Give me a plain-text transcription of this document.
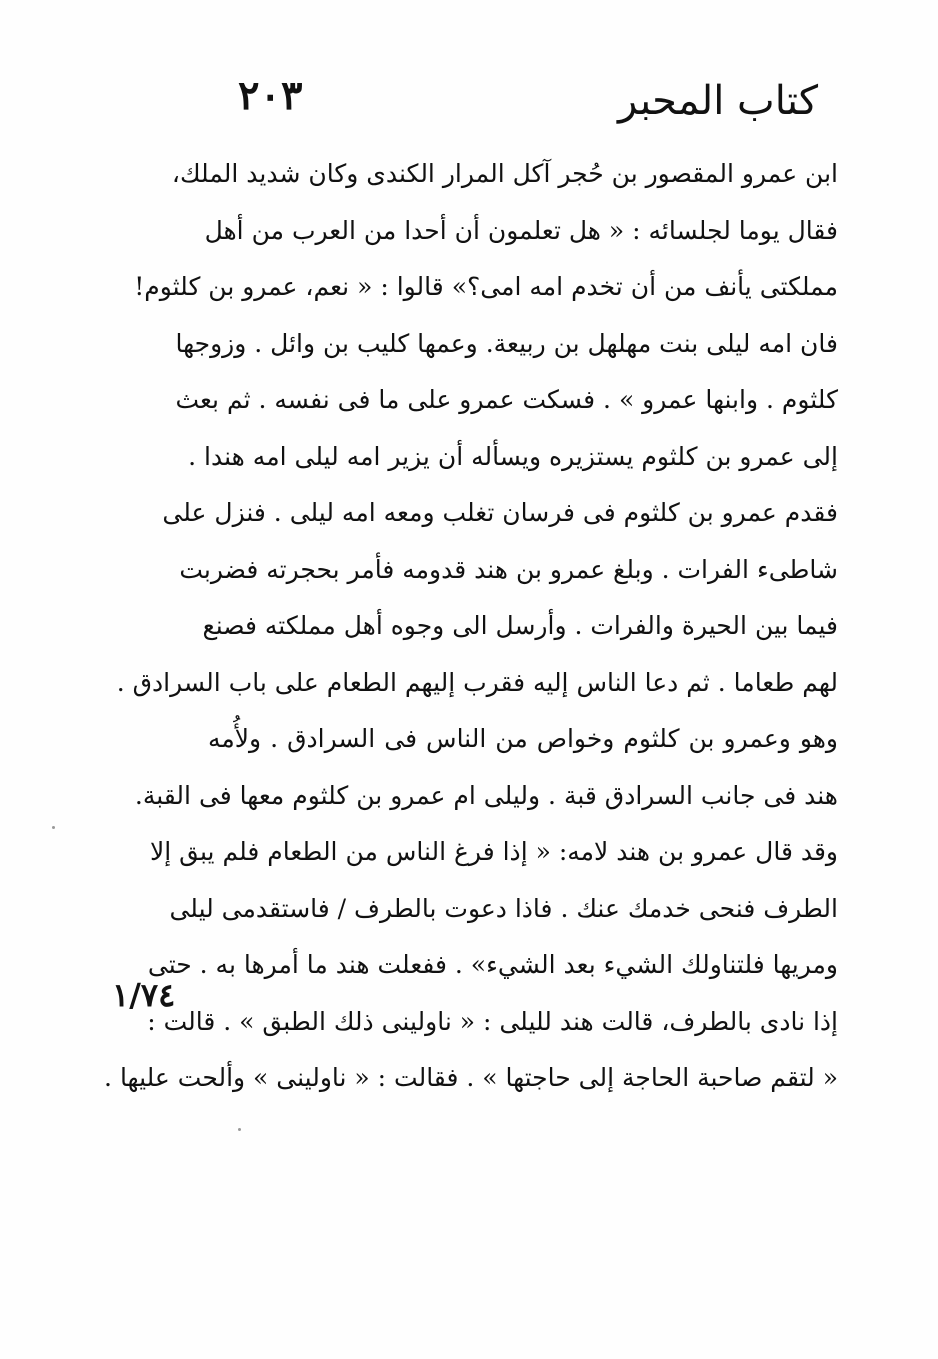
٢٠٣	كتاب المحبر
ابن عمرو المقصور بن حُجر آكل المرار الكندى وكان شديد الملك،
فقال يوما لجلسائه : « هل تعلمون أن أحدا من العرب من أهل
مملكتى يأنف من أن تخدم امه امى؟» قالوا : « نعم، عمرو بن كلثوم!
فان امه ليلى بنت مهلهل بن ربيعة. وعمها كليب بن وائل . وزوجها
كلثوم . وابنها عمرو » . فسكت عمرو على ما فى نفسه . ثم بعث
إلى عمرو بن كلثوم يستزيره ويسأله أن يزير امه ليلى امه هندا .
فقدم عمرو بن كلثوم فى فرسان تغلب ومعه امه ليلى . فنزل على
شاطىء الفرات . وبلغ عمرو بن هند قدومه فأمر بحجرته فضربت
فيما بين الحيرة والفرات . وأرسل الى وجوه أهل مملكته فصنع
لهم طعاما . ثم دعا الناس إليه فقرب إليهم الطعام على باب السرادق .
وهو وعمرو بن كلثوم وخواص من الناس فى السرادق . ولأُمه
هند فى جانب السرادق قبة . وليلى ام عمرو بن كلثوم معها فى القبة.
وقد قال عمرو بن هند لامه: « إذا فرغ الناس من الطعام فلم يبق إلا
الطرف فنحى خدمك عنك . فاذا دعوت بالطرف / فاستقدمى ليلى
ومريها فلتناولك الشيء بعد الشيء» . ففعلت هند ما أمرها به . حتى
إذا نادى بالطرف، قالت هند لليلى : « ناولينى ذلك الطبق » . قالت :
« لتقم صاحبة الحاجة إلى حاجتها » . فقالت : « ناولينى » وألحت عليها .
١/٧٤
